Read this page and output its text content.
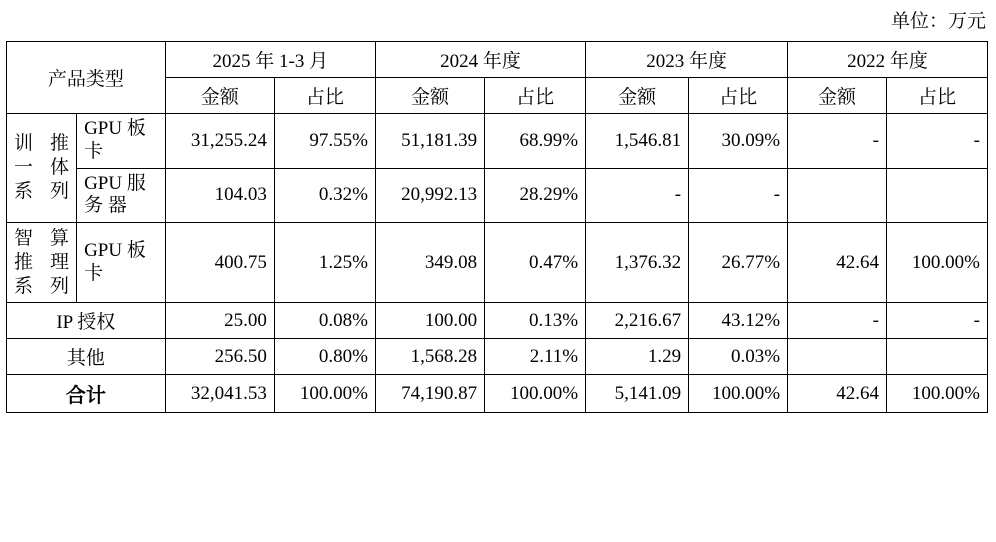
单位：万元
产品类型		2025 年 1-3 月		2024 年度		2023 年度		2022 年度	
		金额	占比	金额	占比	金额	占比	金额	占比
训 推 一 体 系 列	GPU 板卡	31,255.24	97.55%	51,181.39	68.99%	1,546.81	30.09%	-	-
	GPU 服 务 器	104.03	0.32%	20,992.13	28.29%	-	-		
智 算 推 理 系 列	GPU 板卡	400.75	1.25%	349.08	0.47%	1,376.32	26.77%	42.64	100.00%
IP 授权		25.00	0.08%	100.00	0.13%	2,216.67	43.12%	-	-
其他		256.50	0.80%	1,568.28	2.11%	1.29	0.03%		
合计		32,041.53	100.00%	74,190.87	100.00%	5,141.09	100.00%	42.64	100.00%
